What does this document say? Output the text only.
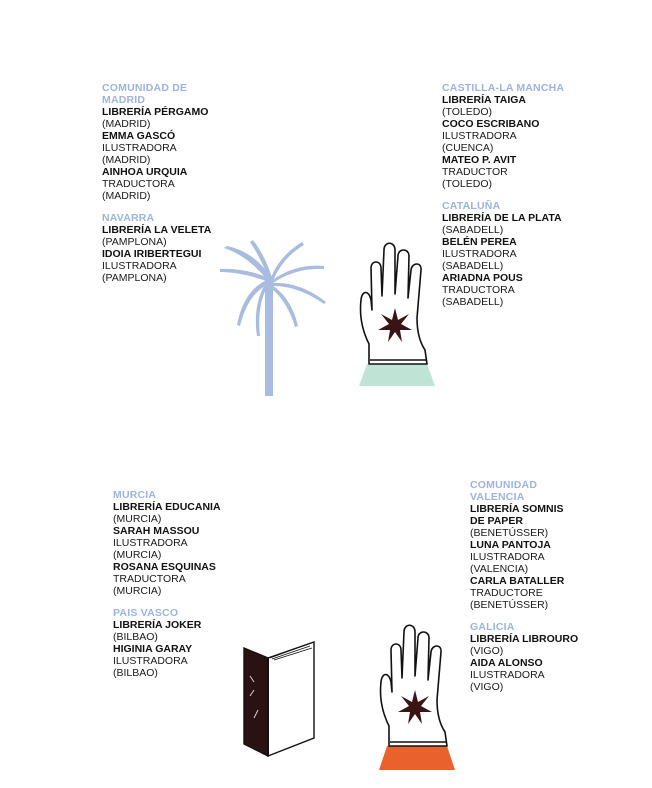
COMUNIDAD DE
MADRID
LIBRERÍA PÉRGAMO
(MADRID)
EMMA GASCÓ
ILUSTRADORA
(MADRID)
AINHOA URQUIA
TRADUCTORA
(MADRID)
NAVARRA
LIBRERÍA LA VELETA
(PAMPLONA)
IDOIA IRIBERTEGUI
ILUSTRADORA
(PAMPLONA)
CASTILLA-LA MANCHA
LIBRERÍA TAIGA
(TOLEDO)
COCO ESCRIBANO
ILUSTRADORA
(CUENCA)
MATEO P. AVIT
TRADUCTOR
(TOLEDO)
CATALUÑA
LIBRERÍA DE LA PLATA
(SABADELL)
BELÉN PEREA
ILUSTRADORA
(SABADELL)
ARIADNA POUS
TRADUCTORA
(SABADELL)
MURCIA
LIBRERÍA EDUCANIA
(MURCIA)
SARAH MASSOU
ILUSTRADORA
(MURCIA)
ROSANA ESQUINAS
TRADUCTORA
(MURCIA)
PAIS VASCO
LIBRERÍA JOKER
(BILBAO)
HIGINIA GARAY
ILUSTRADORA
(BILBAO)
COMUNIDAD
VALENCIA
LIBRERÍA SOMNIS
DE PAPER
(BENETÚSSER)
LUNA PANTOJA
ILUSTRADORA
(VALENCIA)
CARLA BATALLER
TRADUCTORE
(BENETÚSSER)
GALICIA
LIBRERÍA LIBROURO
(VIGO)
AIDA ALONSO
ILUSTRADORA
(VIGO)
